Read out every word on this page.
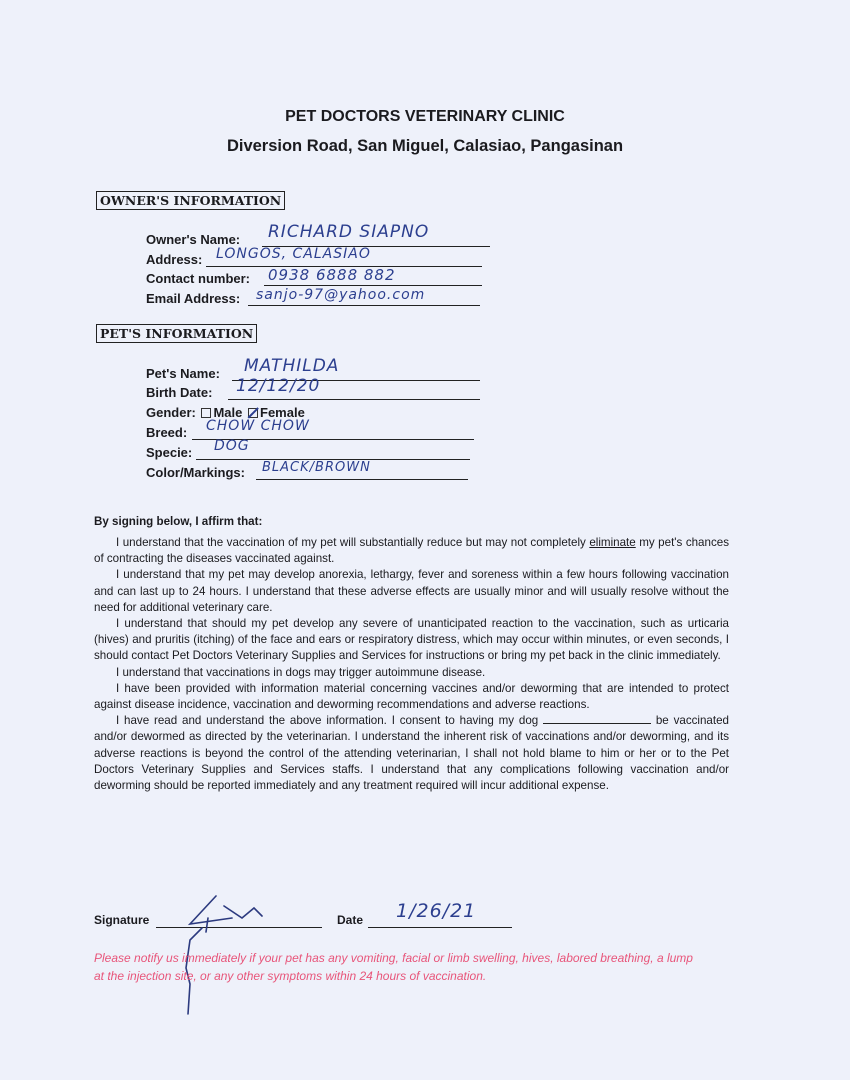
PET DOCTORS VETERINARY CLINIC
Diversion Road, San Miguel, Calasiao, Pangasinan
OWNER'S INFORMATION
Owner's Name: RICHARD SIAPNO
Address: LONGOS, CALASIAO
Contact number: 0938 6888 882
Email Address: sanjo-97@yahoo.com
PET'S INFORMATION
Pet's Name: MATHILDA
Birth Date: 12/12/20
Gender: Male Female
Breed: CHOW CHOW
Specie: DOG
Color/Markings: BLACK/BROWN
By signing below, I affirm that:

I understand that the vaccination of my pet will substantially reduce but may not completely eliminate my pet's chances of contracting the diseases vaccinated against.

I understand that my pet may develop anorexia, lethargy, fever and soreness within a few hours following vaccination and can last up to 24 hours. I understand that these adverse effects are usually minor and will usually resolve without the need for additional veterinary care.

I understand that should my pet develop any severe of unanticipated reaction to the vaccination, such as urticaria (hives) and pruritis (itching) of the face and ears or respiratory distress, which may occur within minutes, or even seconds, I should contact Pet Doctors Veterinary Supplies and Services for instructions or bring my pet back in the clinic immediately.

I understand that vaccinations in dogs may trigger autoimmune disease.

I have been provided with information material concerning vaccines and/or deworming that are intended to protect against disease incidence, vaccination and deworming recommendations and adverse reactions.

I have read and understand the above information. I consent to having my dog	be vaccinated and/or dewormed as directed by the veterinarian. I understand the inherent risk of vaccinations and/or deworming, and its adverse reactions is beyond the control of the attending veterinarian, I shall not hold blame to him or her or to the Pet Doctors Veterinary Supplies and Services staffs. I understand that any complications following vaccination and/or deworming should be reported immediately and any treatment required will incur additional expense.

Signature	Date 1/26/21
Please notify us immediately if your pet has any vomiting, facial or limb swelling, hives, labored breathing, a lump at the injection site, or any other symptoms within 24 hours of vaccination.
